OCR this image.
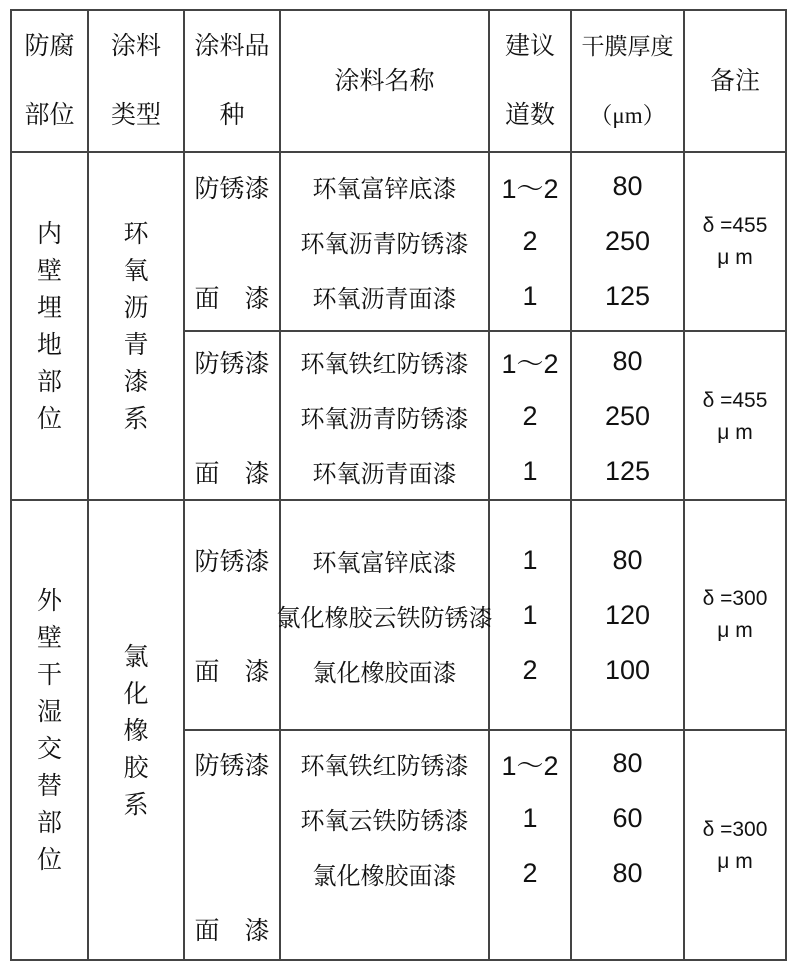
防腐
部位
涂料
类型
涂料品
种
涂料名称
建议
道数
干膜厚度
（μm）
备注
内壁埋地部位
环氧沥青漆系
防锈漆
面　漆
环氧富锌底漆
环氧沥青防锈漆
环氧沥青面漆
1～2
2
1
80
250
125
δ =455
μ m
防锈漆
面　漆
环氧铁红防锈漆
环氧沥青防锈漆
环氧沥青面漆
1～2
2
1
80
250
125
δ =455
μ m
外壁干湿交替部位
氯化橡胶系
防锈漆
面　漆
环氧富锌底漆
氯化橡胶云铁防锈漆
氯化橡胶面漆
1
1
2
80
120
100
δ =300
μ m
防锈漆
面　漆
环氧铁红防锈漆
环氧云铁防锈漆
氯化橡胶面漆
1～2
1
2
80
60
80
δ =300
μ m
